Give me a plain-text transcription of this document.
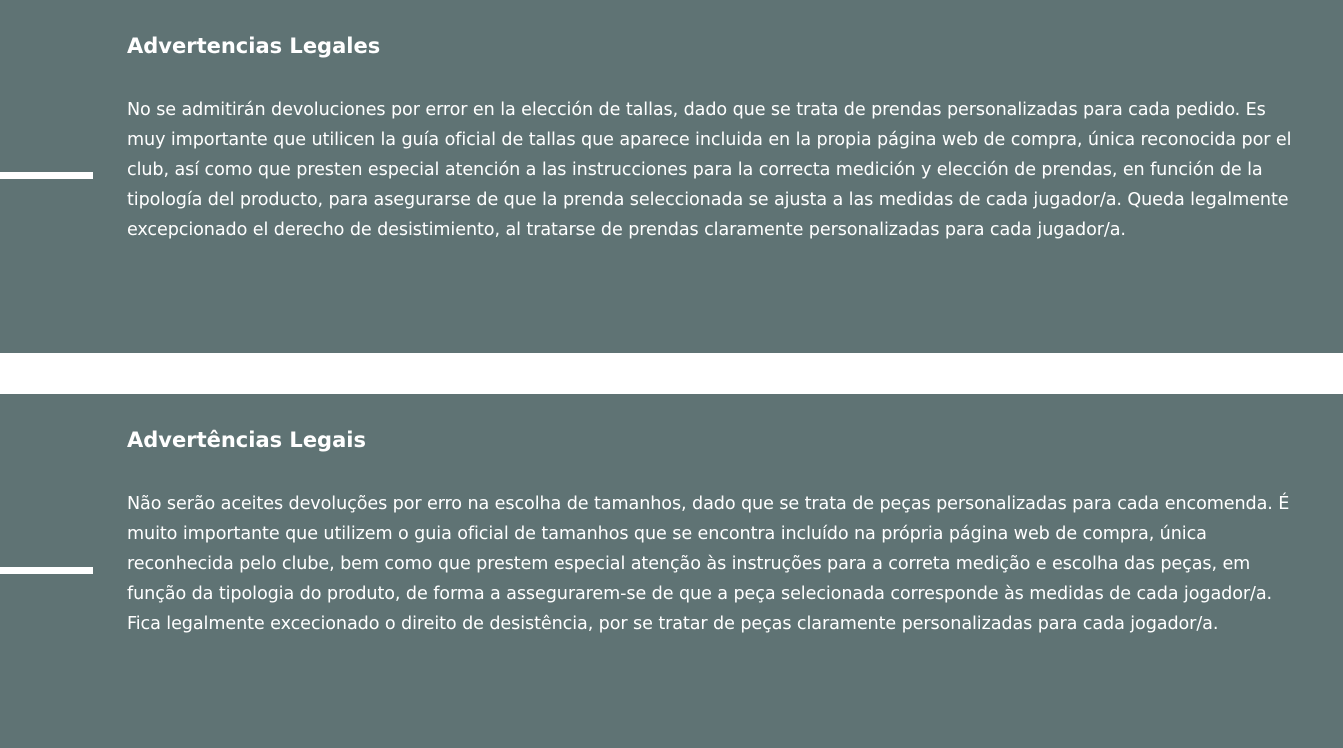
Advertencias Legales

No se admitirán devoluciones por error en la elección de tallas, dado que se trata de prendas personalizadas para cada pedido. Es muy importante que utilicen la guía oficial de tallas que aparece incluida en la propia página web de compra, única reconocida por el club, así como que presten especial atención a las instrucciones para la correcta medición y elección de prendas, en función de la tipología del producto, para asegurarse de que la prenda seleccionada se ajusta a las medidas de cada jugador/a. Queda legalmente excepcionado el derecho de desistimiento, al tratarse de prendas claramente personalizadas para cada jugador/a.

Advertências Legais

Não serão aceites devoluções por erro na escolha de tamanhos, dado que se trata de peças personalizadas para cada encomenda. É muito importante que utilizem o guia oficial de tamanhos que se encontra incluído na própria página web de compra, única reconhecida pelo clube, bem como que prestem especial atenção às instruções para a correta medição e escolha das peças, em função da tipologia do produto, de forma a assegurarem-se de que a peça selecionada corresponde às medidas de cada jogador/a. Fica legalmente excecionado o direito de desistência, por se tratar de peças claramente personalizadas para cada jogador/a.
